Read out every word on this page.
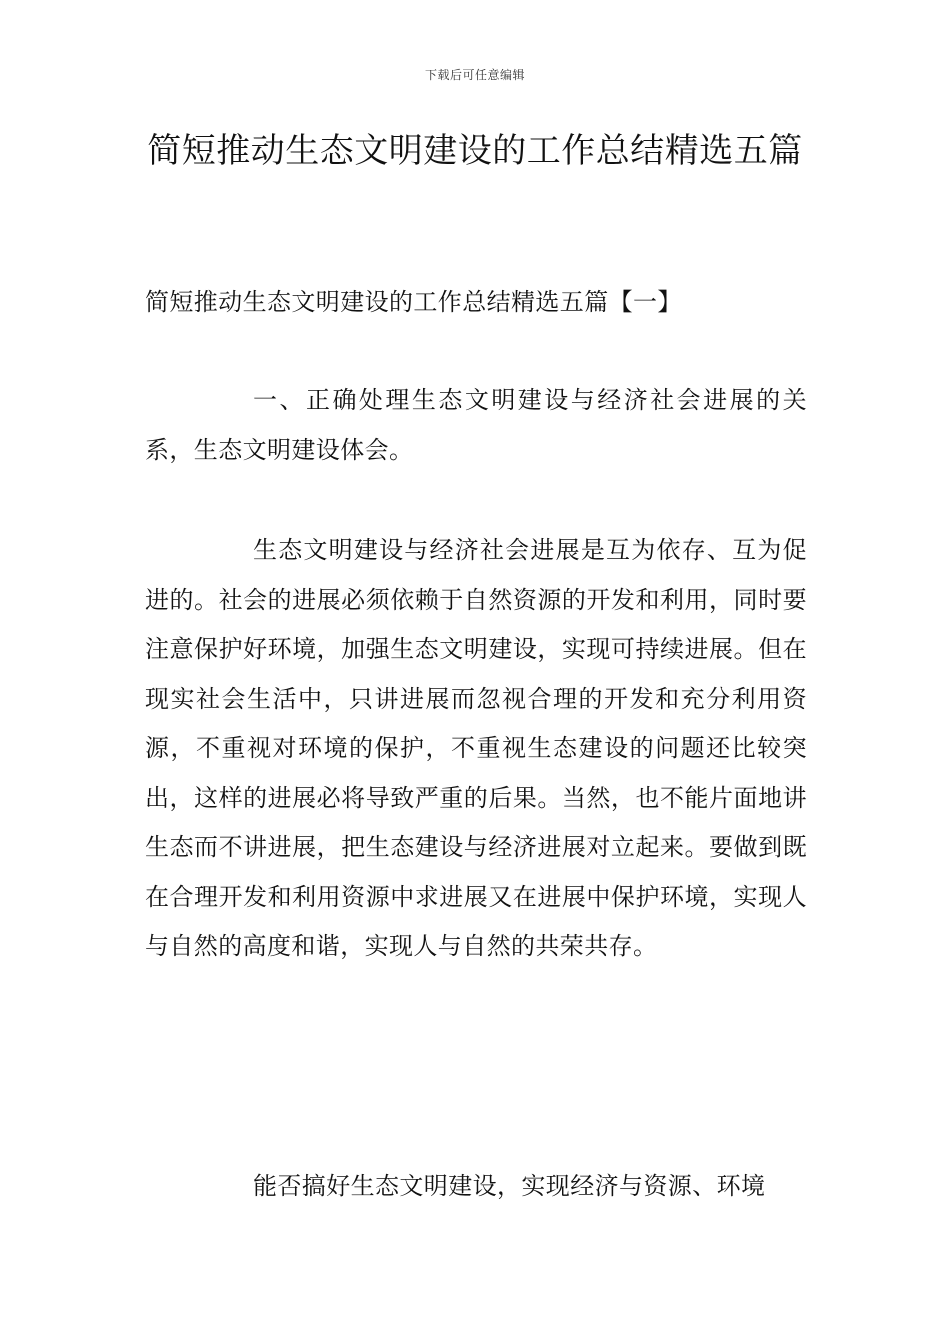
下载后可任意编辑
简短推动生态文明建设的工作总结精选五篇
简短推动生态文明建设的工作总结精选五篇【一】

一、正确处理生态文明建设与经济社会进展的关系，生态文明建设体会。

生态文明建设与经济社会进展是互为依存、互为促进的。社会的进展必须依赖于自然资源的开发和利用，同时要注意保护好环境，加强生态文明建设，实现可持续进展。但在现实社会生活中，只讲进展而忽视合理的开发和充分利用资源，不重视对环境的保护，不重视生态建设的问题还比较突出，这样的进展必将导致严重的后果。当然，也不能片面地讲生态而不讲进展，把生态建设与经济进展对立起来。要做到既在合理开发和利用资源中求进展又在进展中保护环境，实现人与自然的高度和谐，实现人与自然的共荣共存。

能否搞好生态文明建设，实现经济与资源、环境
